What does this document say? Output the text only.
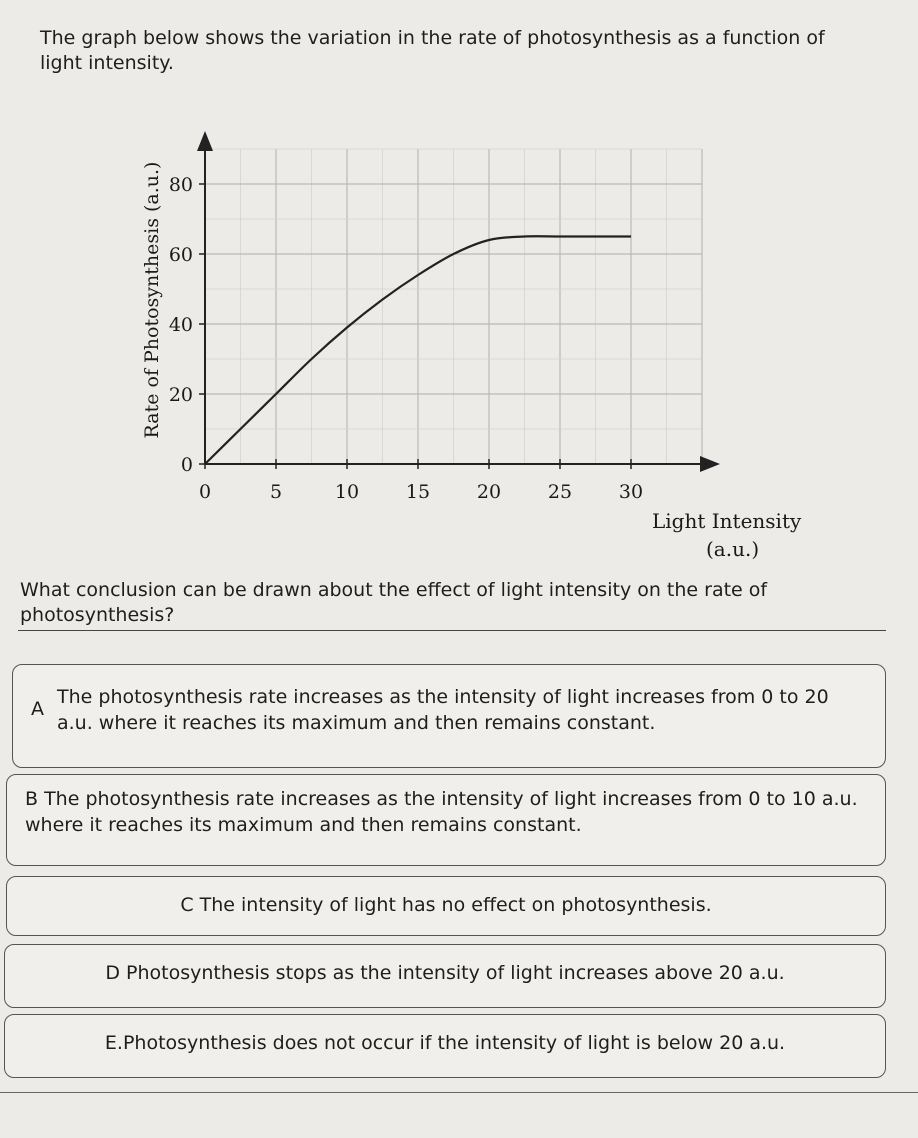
The graph below shows the variation in the rate of photosynthesis as a function of light intensity.
0	5	10 15 20 25 30
0
20
40
60
80
Rate of Photosynthesis (a.u.)
Light Intensity
(a.u.)
What conclusion can be drawn about the effect of light intensity on the rate of photosynthesis?
A
The photosynthesis rate increases as the intensity of light increases from 0 to 20 a.u. where it reaches its maximum and then remains constant.
B The photosynthesis rate increases as the intensity of light increases from 0 to 10 a.u. where it reaches its maximum and then remains constant.
C The intensity of light has no effect on photosynthesis.
D Photosynthesis stops as the intensity of light increases above 20 a.u.
E.Photosynthesis does not occur if the intensity of light is below 20 a.u.
